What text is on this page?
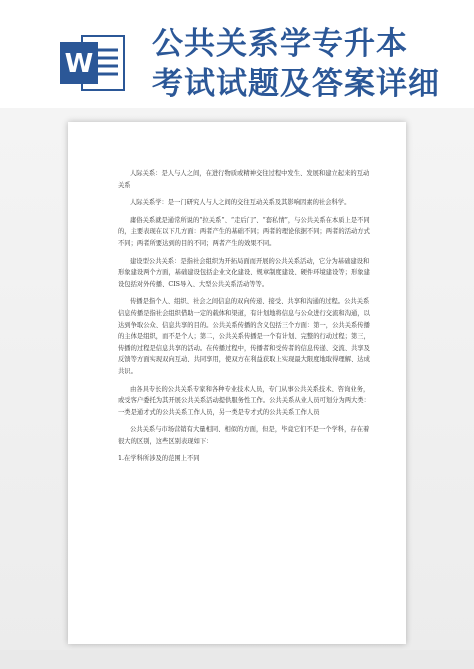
W
公共关系学专升本
考试试题及答案详细

人际关系：是人与人之间，在进行物质或精神交往过程中发生、发展和建立起来的互动关系

人际关系学：是一门研究人与人之间的交往互动关系及其影响因素的社会科学。

庸俗关系就是通常所说的“拉关系”、“走后门”、“套私情”，与公共关系在本质上是不同的，主要表现在以下几方面：两者产生的基础不同；两者的理论依据不同；两者的活动方式不同；两者所要达到的目的不同；两者产生的效果不同。

建设型公共关系：是指社会组织为开拓局面而开展的公共关系活动，它分为基础建设和形象建设两个方面，基础建设包括企业文化建设、规章制度建设、硬件环境建设等；形象建设包括对外传播、CIS导入、大型公共关系活动等等。

传播是指个人、组织、社会之间信息的双向传递、接受、共享和沟通的过程。公共关系信息传播是指社会组织借助一定的载体和渠道，有计划地将信息与公众进行交流和沟通，以达到争取公众、信息共享的目的。公共关系传播的含义包括三个方面：第一，公共关系传播的主体是组织，而不是个人；第二，公共关系传播是一个有计划、完整的行动过程；第三，传播的过程是信息共享的活动。在传播过程中，传播者和受传者的信息传递、交流、共享及反馈等方面实现双向互动、共同享用，使双方在利益获取上实现最大限度地取得理解、达成共识。

由各具专长的公共关系专家和各种专业技术人员，专门从事公共关系技术、咨询业务，或受客户委托为其开展公共关系活动提供服务性工作。公共关系从业人员可划分为两大类：一类是通才式的公共关系工作人员，另一类是专才式的公共关系工作人员

公共关系与市场营销有大量相同、相似的方面，但是，毕竟它们不是一个学科，存在着很大的区别，这些区别表现如下：

1.在学科所涉及的范围上不同
